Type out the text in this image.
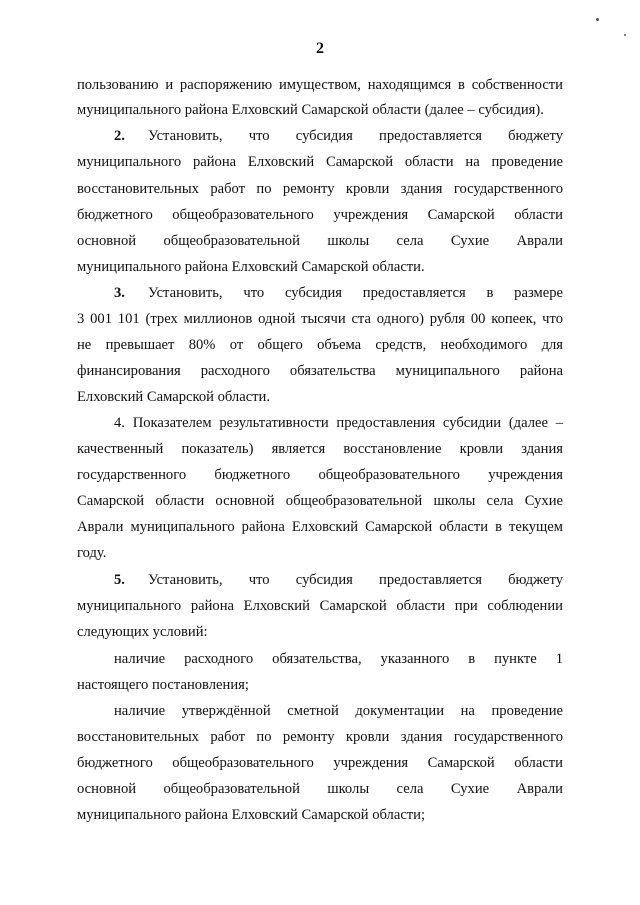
2
пользованию и распоряжению имуществом, находящимся в собственности
муниципального района Елховский Самарской области (далее – субсидия).
2.	Установить, что субсидия предоставляется бюджету
муниципального района Елховский Самарской области на проведение
восстановительных работ по ремонту кровли здания государственного
бюджетного общеобразовательного учреждения Самарской области
основной общеобразовательной школы села Сухие Аврали
муниципального района Елховский Самарской области.
3.	Установить, что субсидия предоставляется в размере
3 001 101 (трех миллионов одной тысячи ста одного) рубля 00 копеек, что
не превышает 80% от общего объема средств, необходимого для
финансирования расходного обязательства муниципального района
Елховский Самарской области.
4. Показателем результативности предоставления субсидии (далее –
качественный показатель) является восстановление кровли здания
государственного бюджетного общеобразовательного учреждения
Самарской области основной общеобразовательной школы села Сухие
Аврали муниципального района Елховский Самарской области в текущем
году.
5.	Установить, что субсидия предоставляется бюджету
муниципального района Елховский Самарской области при соблюдении
следующих условий:
наличие расходного обязательства, указанного в пункте 1
настоящего постановления;
наличие утверждённой сметной документации на проведение
восстановительных работ по ремонту кровли здания государственного
бюджетного общеобразовательного учреждения Самарской области
основной общеобразовательной школы села Сухие Аврали
муниципального района Елховский Самарской области;
